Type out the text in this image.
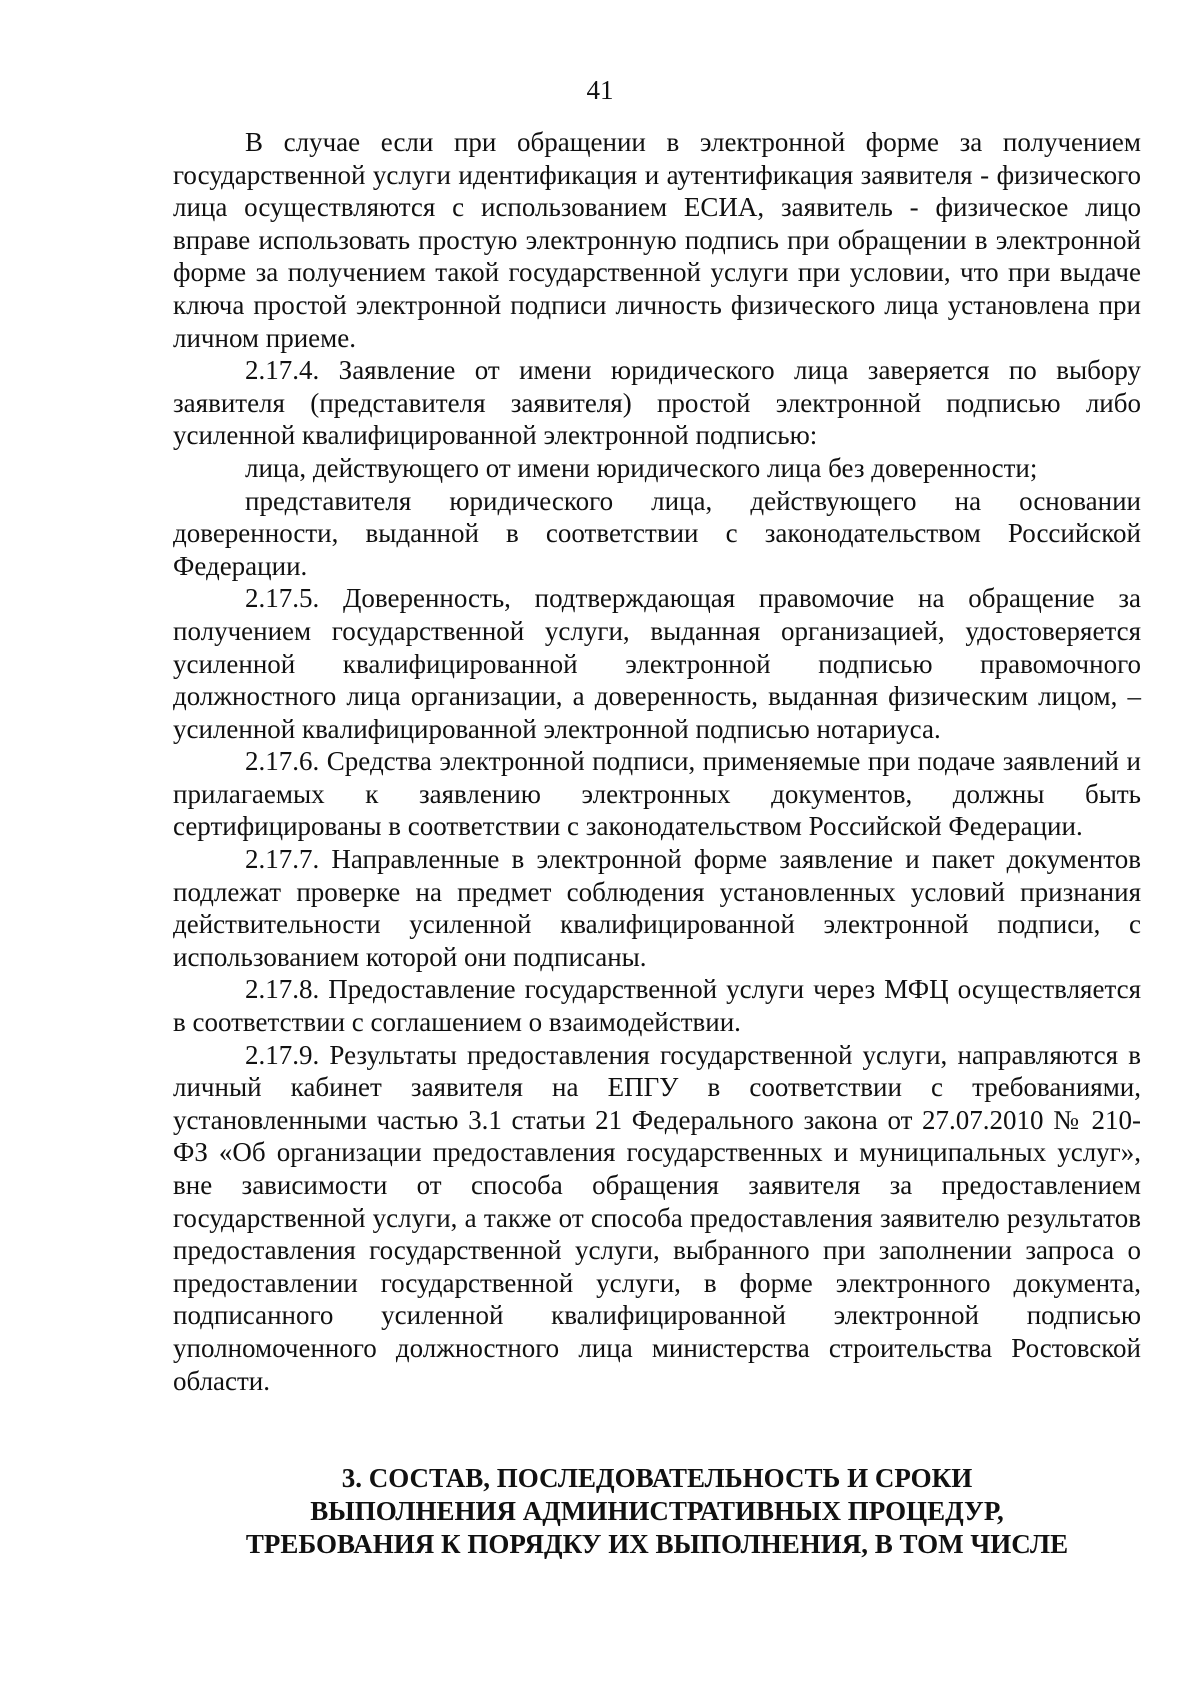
41

В случае если при обращении в электронной форме за получением государственной услуги идентификация и аутентификация заявителя - физического лица осуществляются с использованием ЕСИА, заявитель - физическое лицо вправе использовать простую электронную подпись при обращении в электронной форме за получением такой государственной услуги при условии, что при выдаче ключа простой электронной подписи личность физического лица установлена при личном приеме.

2.17.4. Заявление от имени юридического лица заверяется по выбору заявителя (представителя заявителя) простой электронной подписью либо усиленной квалифицированной электронной подписью:

лица, действующего от имени юридического лица без доверенности;

представителя юридического лица, действующего на основании доверенности, выданной в соответствии с законодательством Российской Федерации.

2.17.5. Доверенность, подтверждающая правомочие на обращение за получением государственной услуги, выданная организацией, удостоверяется усиленной квалифицированной электронной подписью правомочного должностного лица организации, а доверенность, выданная физическим лицом, – усиленной квалифицированной электронной подписью нотариуса.

2.17.6. Средства электронной подписи, применяемые при подаче заявлений и прилагаемых к заявлению электронных документов, должны быть сертифицированы в соответствии с законодательством Российской Федерации.

2.17.7. Направленные в электронной форме заявление и пакет документов подлежат проверке на предмет соблюдения установленных условий признания действительности усиленной квалифицированной электронной подписи, с использованием которой они подписаны.

2.17.8. Предоставление государственной услуги через МФЦ осуществляется в соответствии с соглашением о взаимодействии.

2.17.9. Результаты предоставления государственной услуги, направляются в личный кабинет заявителя на ЕПГУ в соответствии с требованиями, установленными частью 3.1 статьи 21 Федерального закона от 27.07.2010 № 210-ФЗ «Об организации предоставления государственных и муниципальных услуг», вне зависимости от способа обращения заявителя за предоставлением государственной услуги, а также от способа предоставления заявителю результатов предоставления государственной услуги, выбранного при заполнении запроса о предоставлении государственной услуги, в форме электронного документа, подписанного усиленной квалифицированной электронной подписью уполномоченного должностного лица министерства строительства Ростовской области.

3. СОСТАВ, ПОСЛЕДОВАТЕЛЬНОСТЬ И СРОКИ
ВЫПОЛНЕНИЯ АДМИНИСТРАТИВНЫХ ПРОЦЕДУР,
ТРЕБОВАНИЯ К ПОРЯДКУ ИХ ВЫПОЛНЕНИЯ, В ТОМ ЧИСЛЕ
